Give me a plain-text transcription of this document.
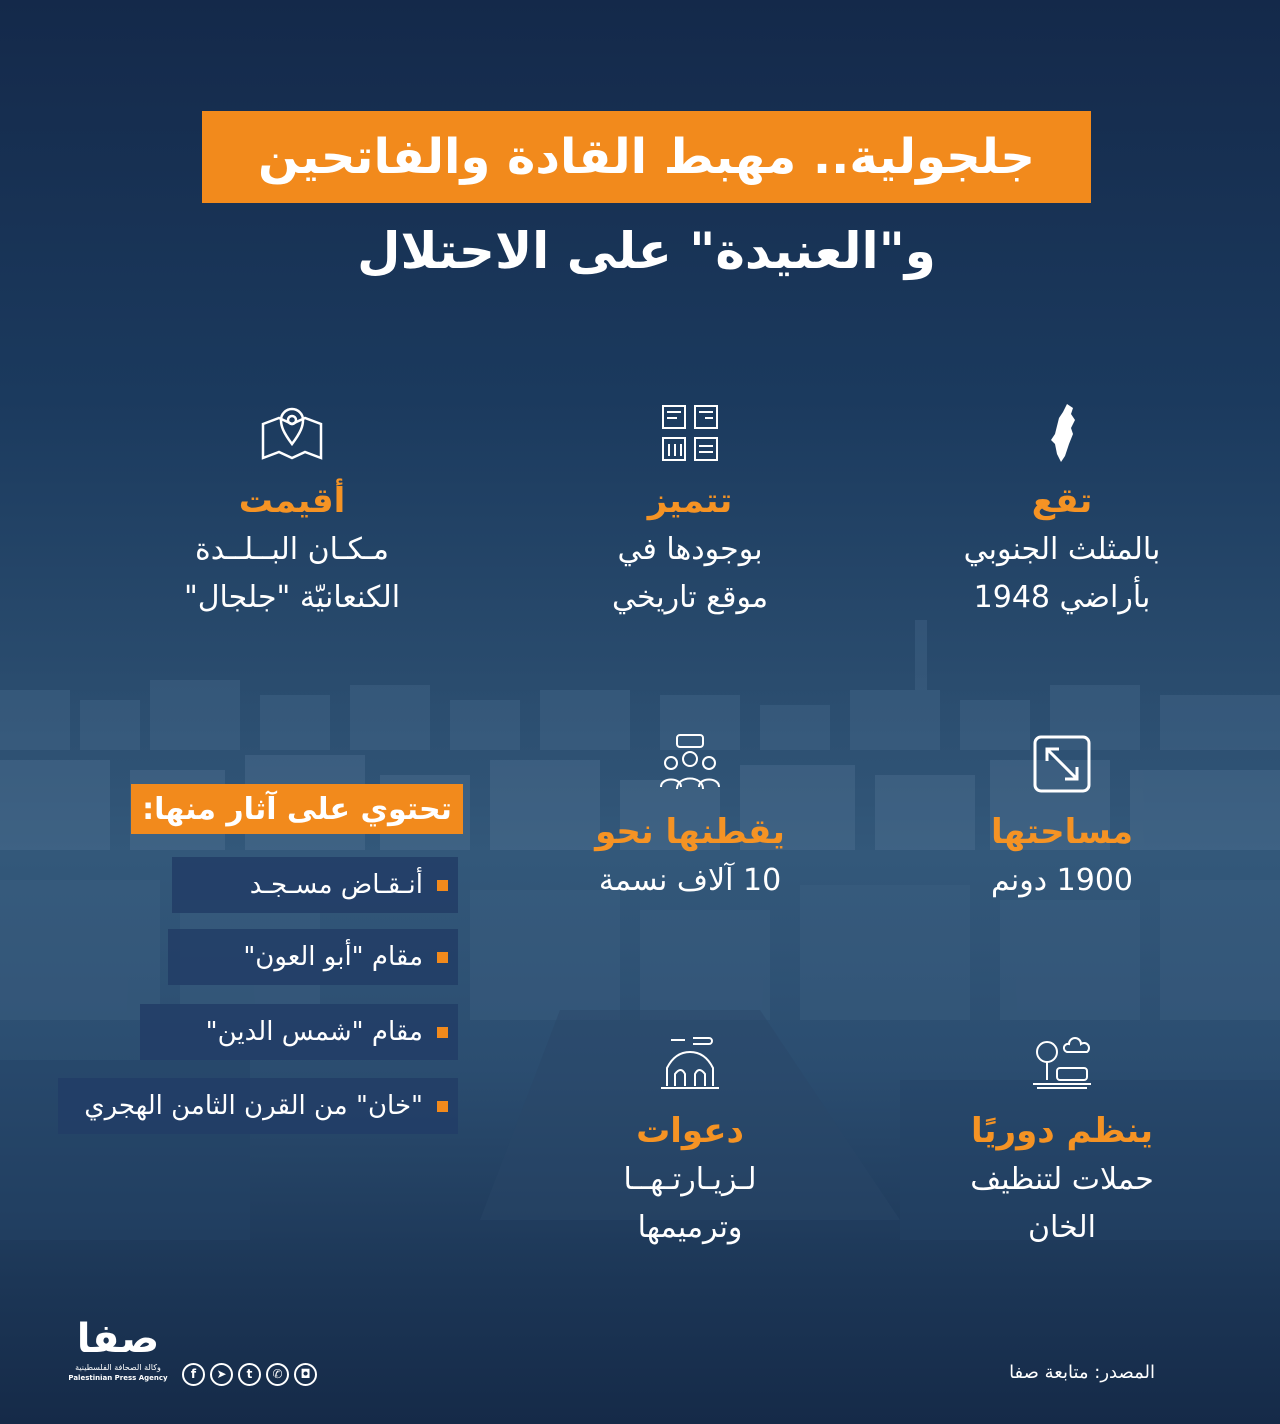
جلجولية.. مهبط القادة والفاتحين
و"العنيدة" على الاحتلال
تقع
بالمثلث الجنوبي
بأراضي 1948
تتميز
بوجودها في
موقع تاريخي
أقيمت
مـكـان البــلــدة
الكنعانيّة "جلجال"
مساحتها
1900 دونم
يقطنها نحو
10 آلاف نسمة
ينظم دوريًا
حملات لتنظيف
الخان
دعوات
لـزيـارتـهــا
وترميمها
تحتوي على آثار منها:
أنـقـاض مسـجـد
مقام "أبو العون"
مقام "شمس الدين"
"خان" من القرن الثامن الهجري
صفا
وكالة الصحافة الفلسطينية
Palestinian Press Agency	f	➤	t	✆	◘	المصدر: متابعة صفا
